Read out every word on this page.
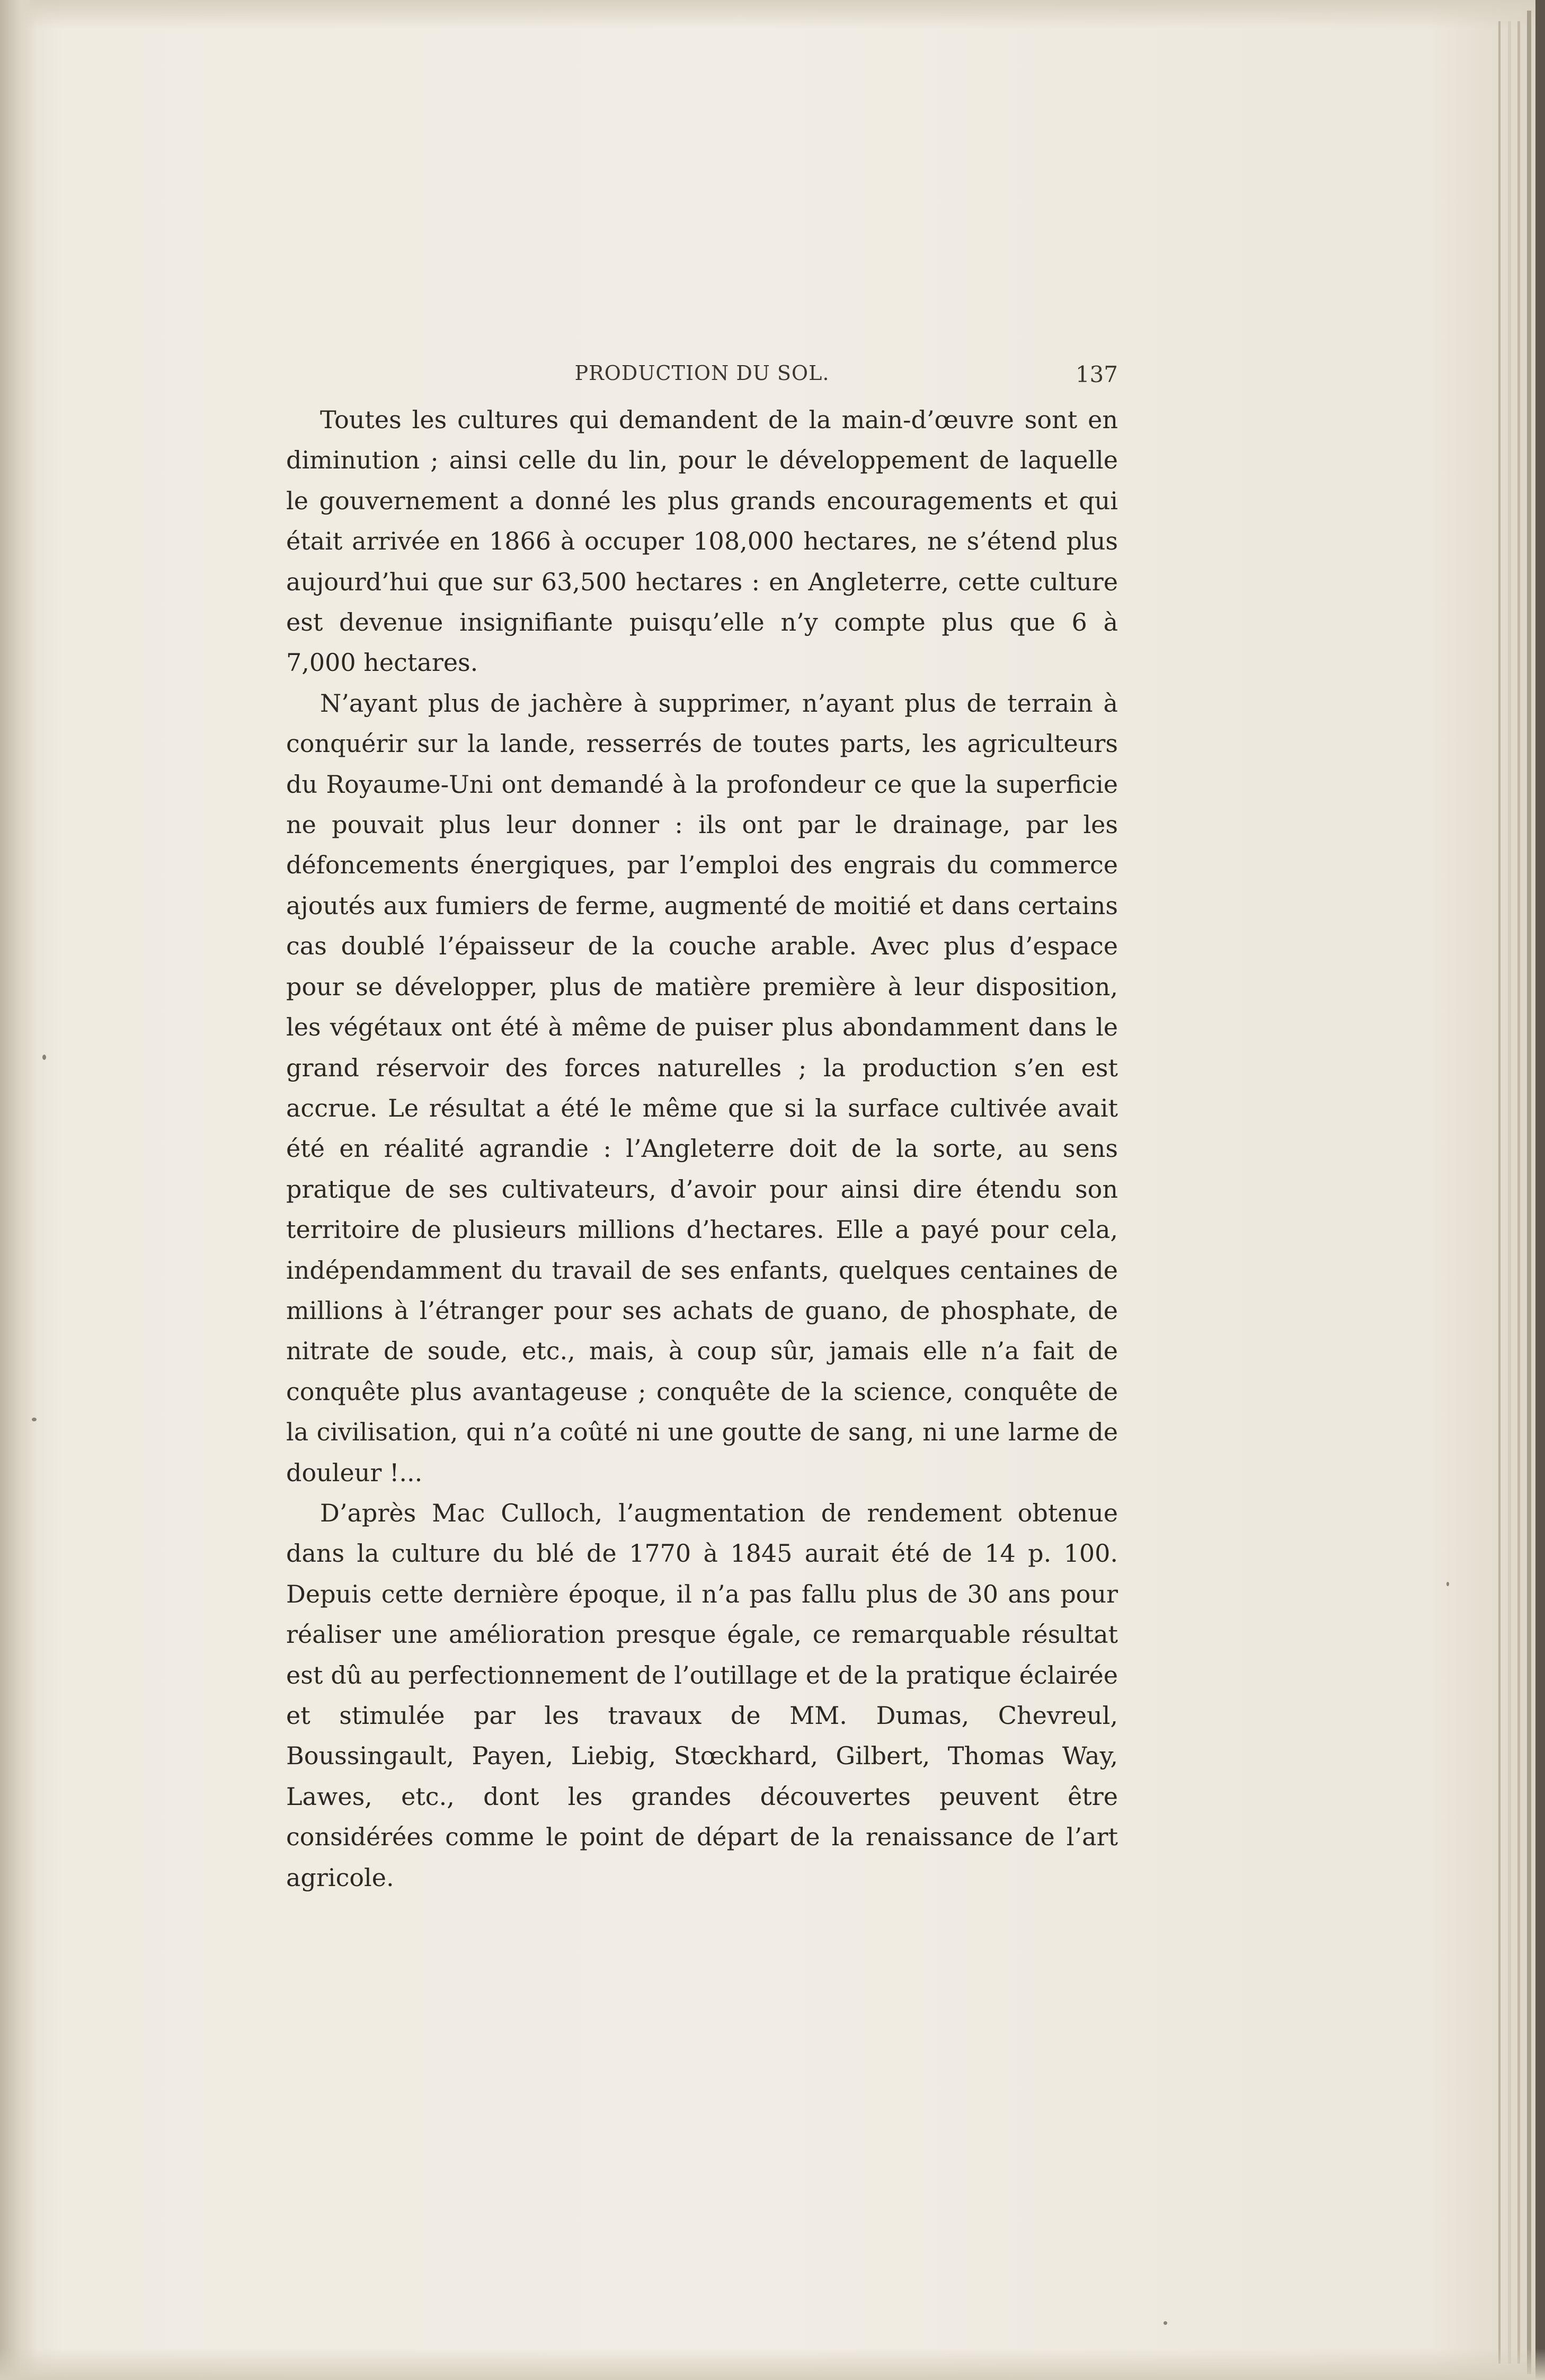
PRODUCTION DU SOL.	137

Toutes les cultures qui demandent de la main-d’œuvre sont en diminution ; ainsi celle du lin, pour le développement de laquelle le gouvernement a donné les plus grands encouragements et qui était arrivée en 1866 à occuper 108,000 hectares, ne s’étend plus aujourd’hui que sur 63,500 hectares : en Angleterre, cette culture est devenue insignifiante puisqu’elle n’y compte plus que 6 à 7,000 hectares.

N’ayant plus de jachère à supprimer, n’ayant plus de terrain à conquérir sur la lande, resserrés de toutes parts, les agriculteurs du Royaume-Uni ont demandé à la profondeur ce que la superficie ne pouvait plus leur donner : ils ont par le drainage, par les défoncements énergiques, par l’emploi des engrais du commerce ajoutés aux fumiers de ferme, augmenté de moitié et dans certains cas doublé l’épaisseur de la couche arable. Avec plus d’espace pour se développer, plus de matière première à leur disposition, les végétaux ont été à même de puiser plus abondamment dans le grand réservoir des forces naturelles ; la production s’en est accrue. Le résultat a été le même que si la surface cultivée avait été en réalité agrandie : l’Angleterre doit de la sorte, au sens pratique de ses cultivateurs, d’avoir pour ainsi dire étendu son territoire de plusieurs millions d’hectares. Elle a payé pour cela, indépendamment du travail de ses enfants, quelques centaines de millions à l’étranger pour ses achats de guano, de phosphate, de nitrate de soude, etc., mais, à coup sûr, jamais elle n’a fait de conquête plus avantageuse ; conquête de la science, conquête de la civilisation, qui n’a coûté ni une goutte de sang, ni une larme de douleur !...

D’après Mac Culloch, l’augmentation de rendement obtenue dans la culture du blé de 1770 à 1845 aurait été de 14 p. 100. Depuis cette dernière époque, il n’a pas fallu plus de 30 ans pour réaliser une amélioration presque égale, ce remarquable résultat est dû au perfectionnement de l’outillage et de la pratique éclairée et stimulée par les travaux de MM. Dumas, Chevreul, Boussingault, Payen, Liebig, Stœckhard, Gilbert, Thomas Way, Lawes, etc., dont les grandes découvertes peuvent être considérées comme le point de départ de la renaissance de l’art agricole.
